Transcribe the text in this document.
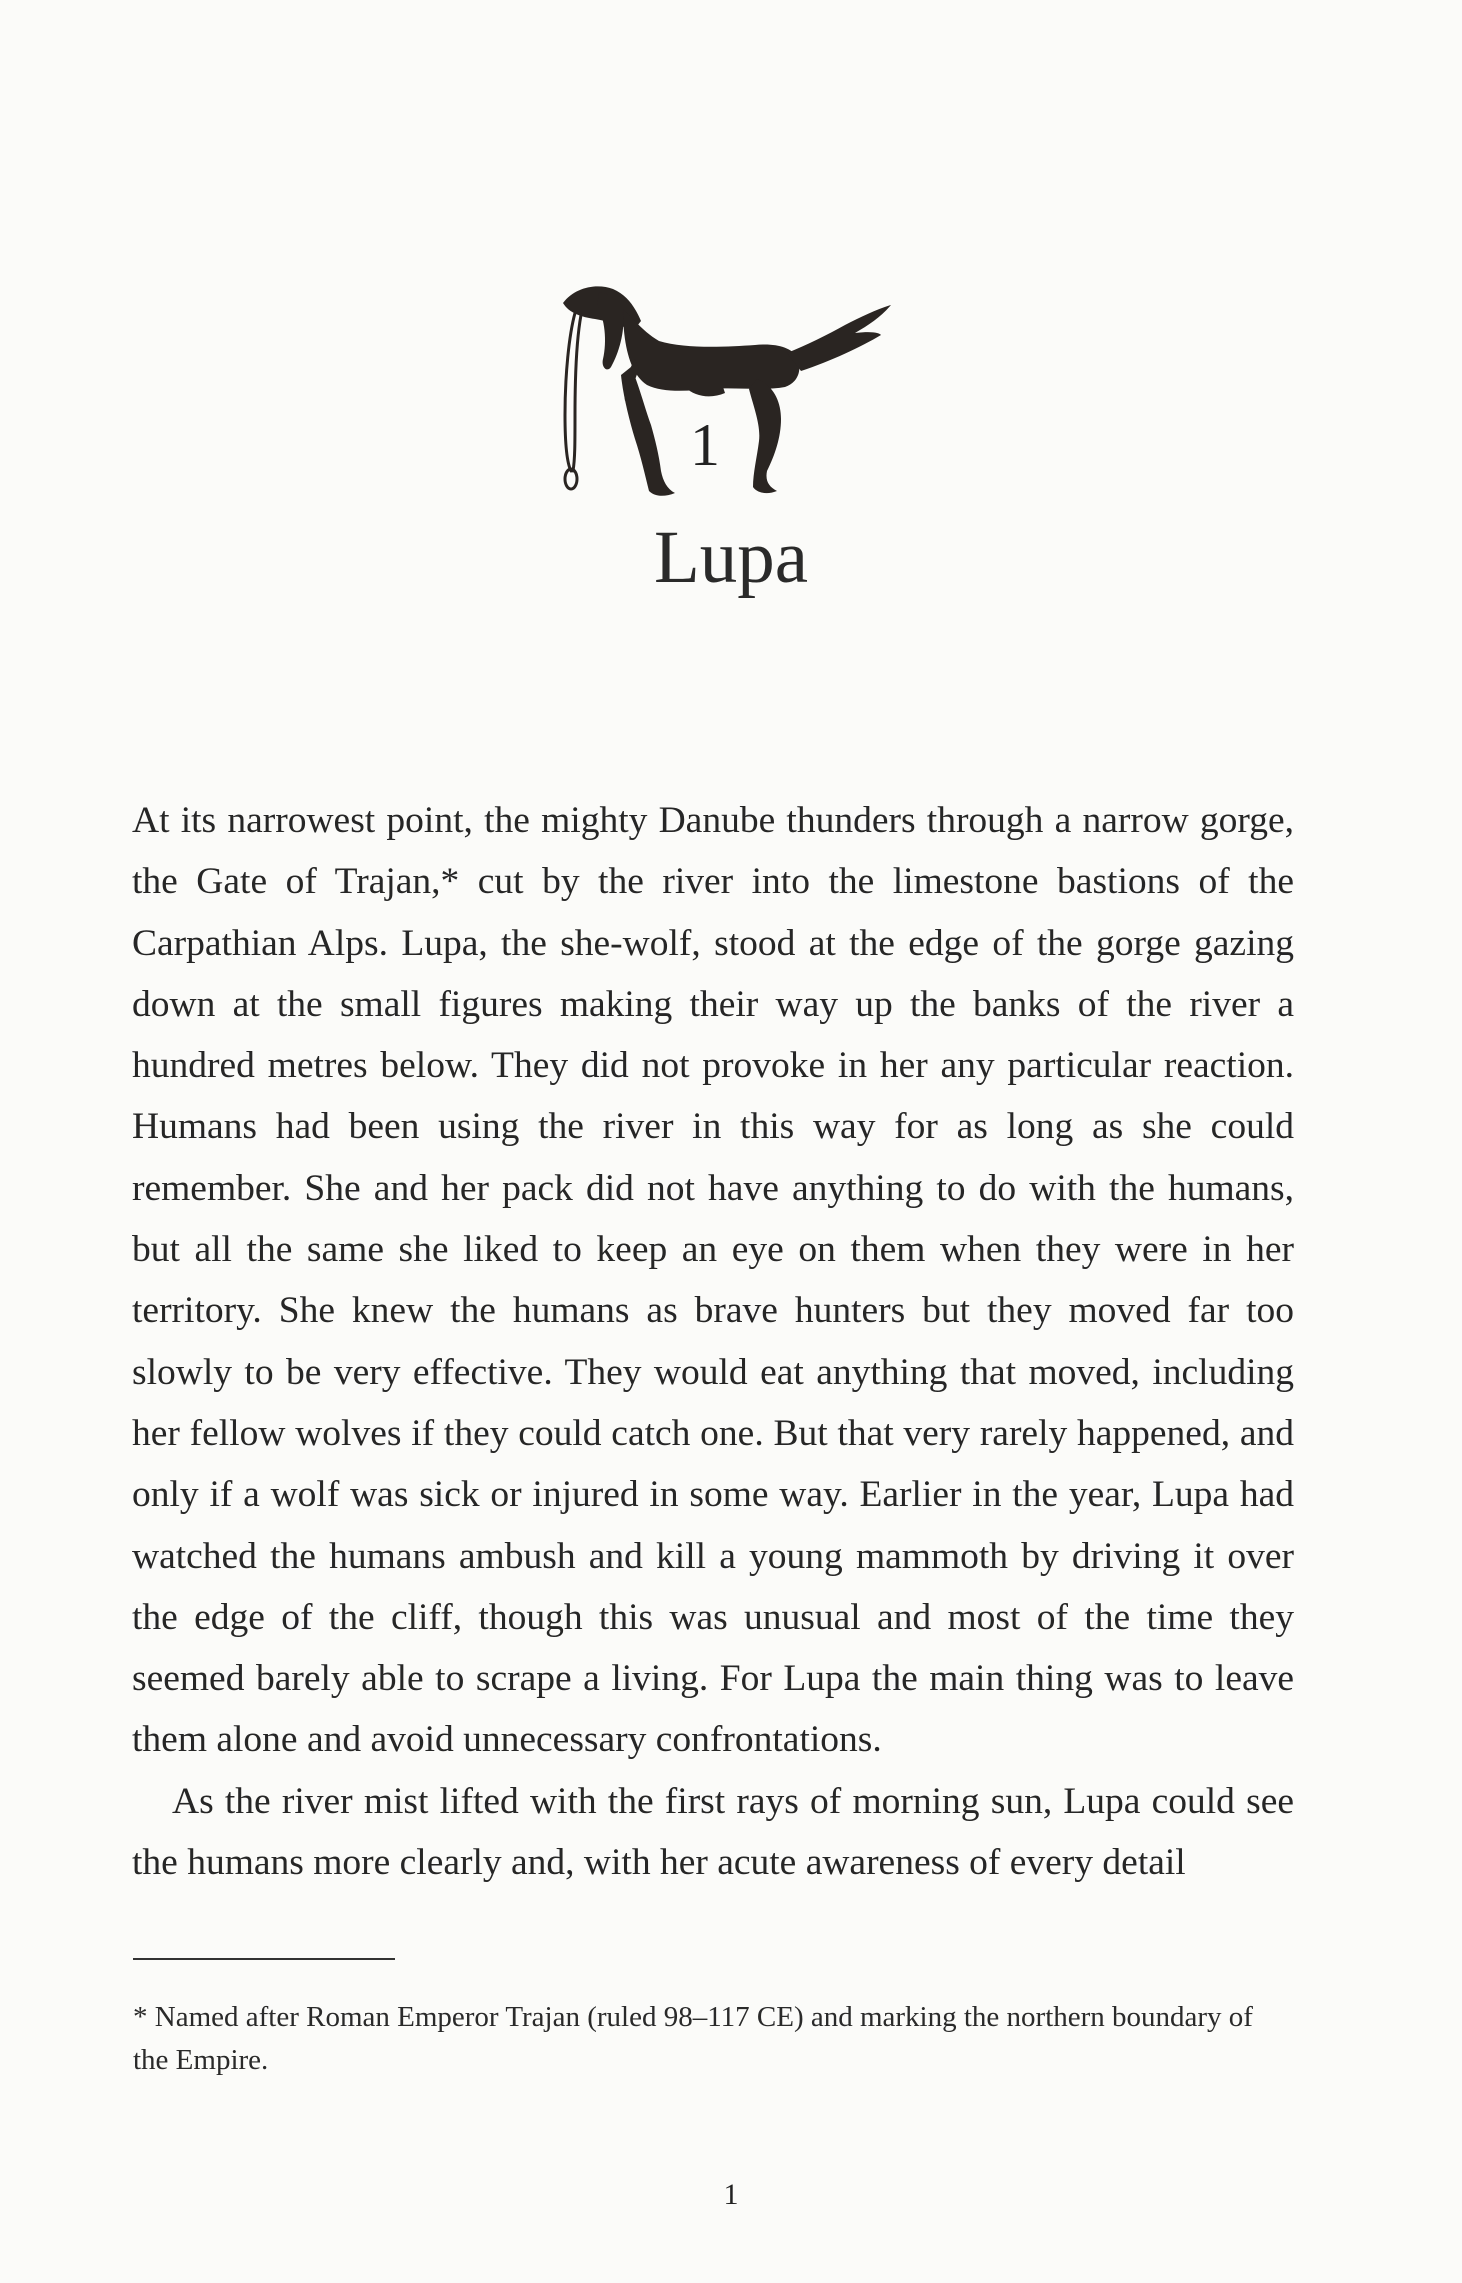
1
Lupa

At its narrowest point, the mighty Danube thunders through a narrow gorge, the Gate of Trajan,* cut by the river into the limestone bastions of the Carpathian Alps. Lupa, the she-wolf, stood at the edge of the gorge gazing down at the small figures making their way up the banks of the river a hundred metres below. They did not provoke in her any particular reaction. Humans had been using the river in this way for as long as she could remember. She and her pack did not have anything to do with the humans, but all the same she liked to keep an eye on them when they were in her territory. She knew the humans as brave hunters but they moved far too slowly to be very effective. They would eat anything that moved, including her fellow wolves if they could catch one. But that very rarely happened, and only if a wolf was sick or injured in some way. Earlier in the year, Lupa had watched the humans ambush and kill a young mammoth by driving it over the edge of the cliff, though this was unusual and most of the time they seemed barely able to scrape a living. For Lupa the main thing was to leave them alone and avoid unnecessary confrontations.

As the river mist lifted with the first rays of morning sun, Lupa could see the humans more clearly and, with her acute awareness of every detail

* Named after Roman Emperor Trajan (ruled 98–117 CE) and marking the northern boundary of the Empire.

1
